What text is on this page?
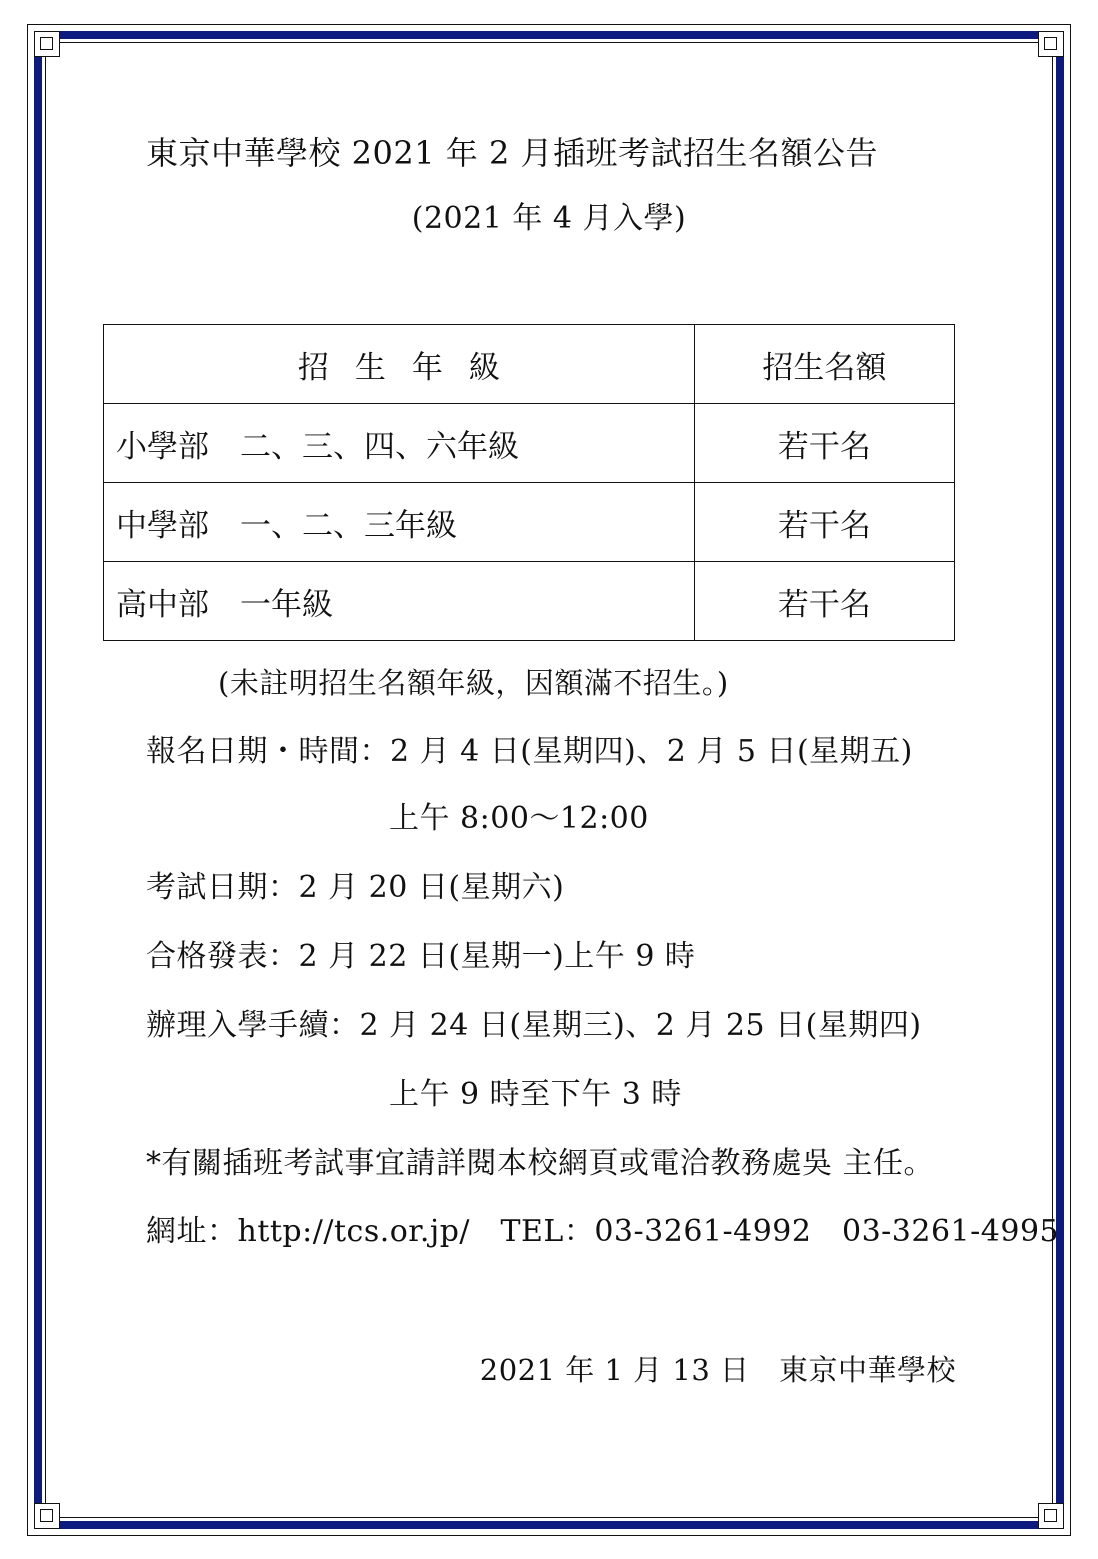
東京中華學校 2021 年 2 月插班考試招生名額公告
(2021 年 4 月入學)
招生年級	招生名額
小學部　二、三、四、六年級	若干名
中學部　一、二、三年級	若干名
高中部　一年級	若干名
(未註明招生名額年級，因額滿不招生。)
報名日期・時間：2 月 4 日(星期四)、2 月 5 日(星期五)
上午 8:00～12:00
考試日期：2 月 20 日(星期六)
合格發表：2 月 22 日(星期一)上午 9 時
辦理入學手續：2 月 24 日(星期三)、2 月 25 日(星期四)
上午 9 時至下午 3 時
*有關插班考試事宜請詳閱本校網頁或電洽教務處吳 主任。
網址：http://tcs.or.jp/　TEL：03-3261-4992　03-3261-4995
2021 年 1 月 13 日　東京中華學校
